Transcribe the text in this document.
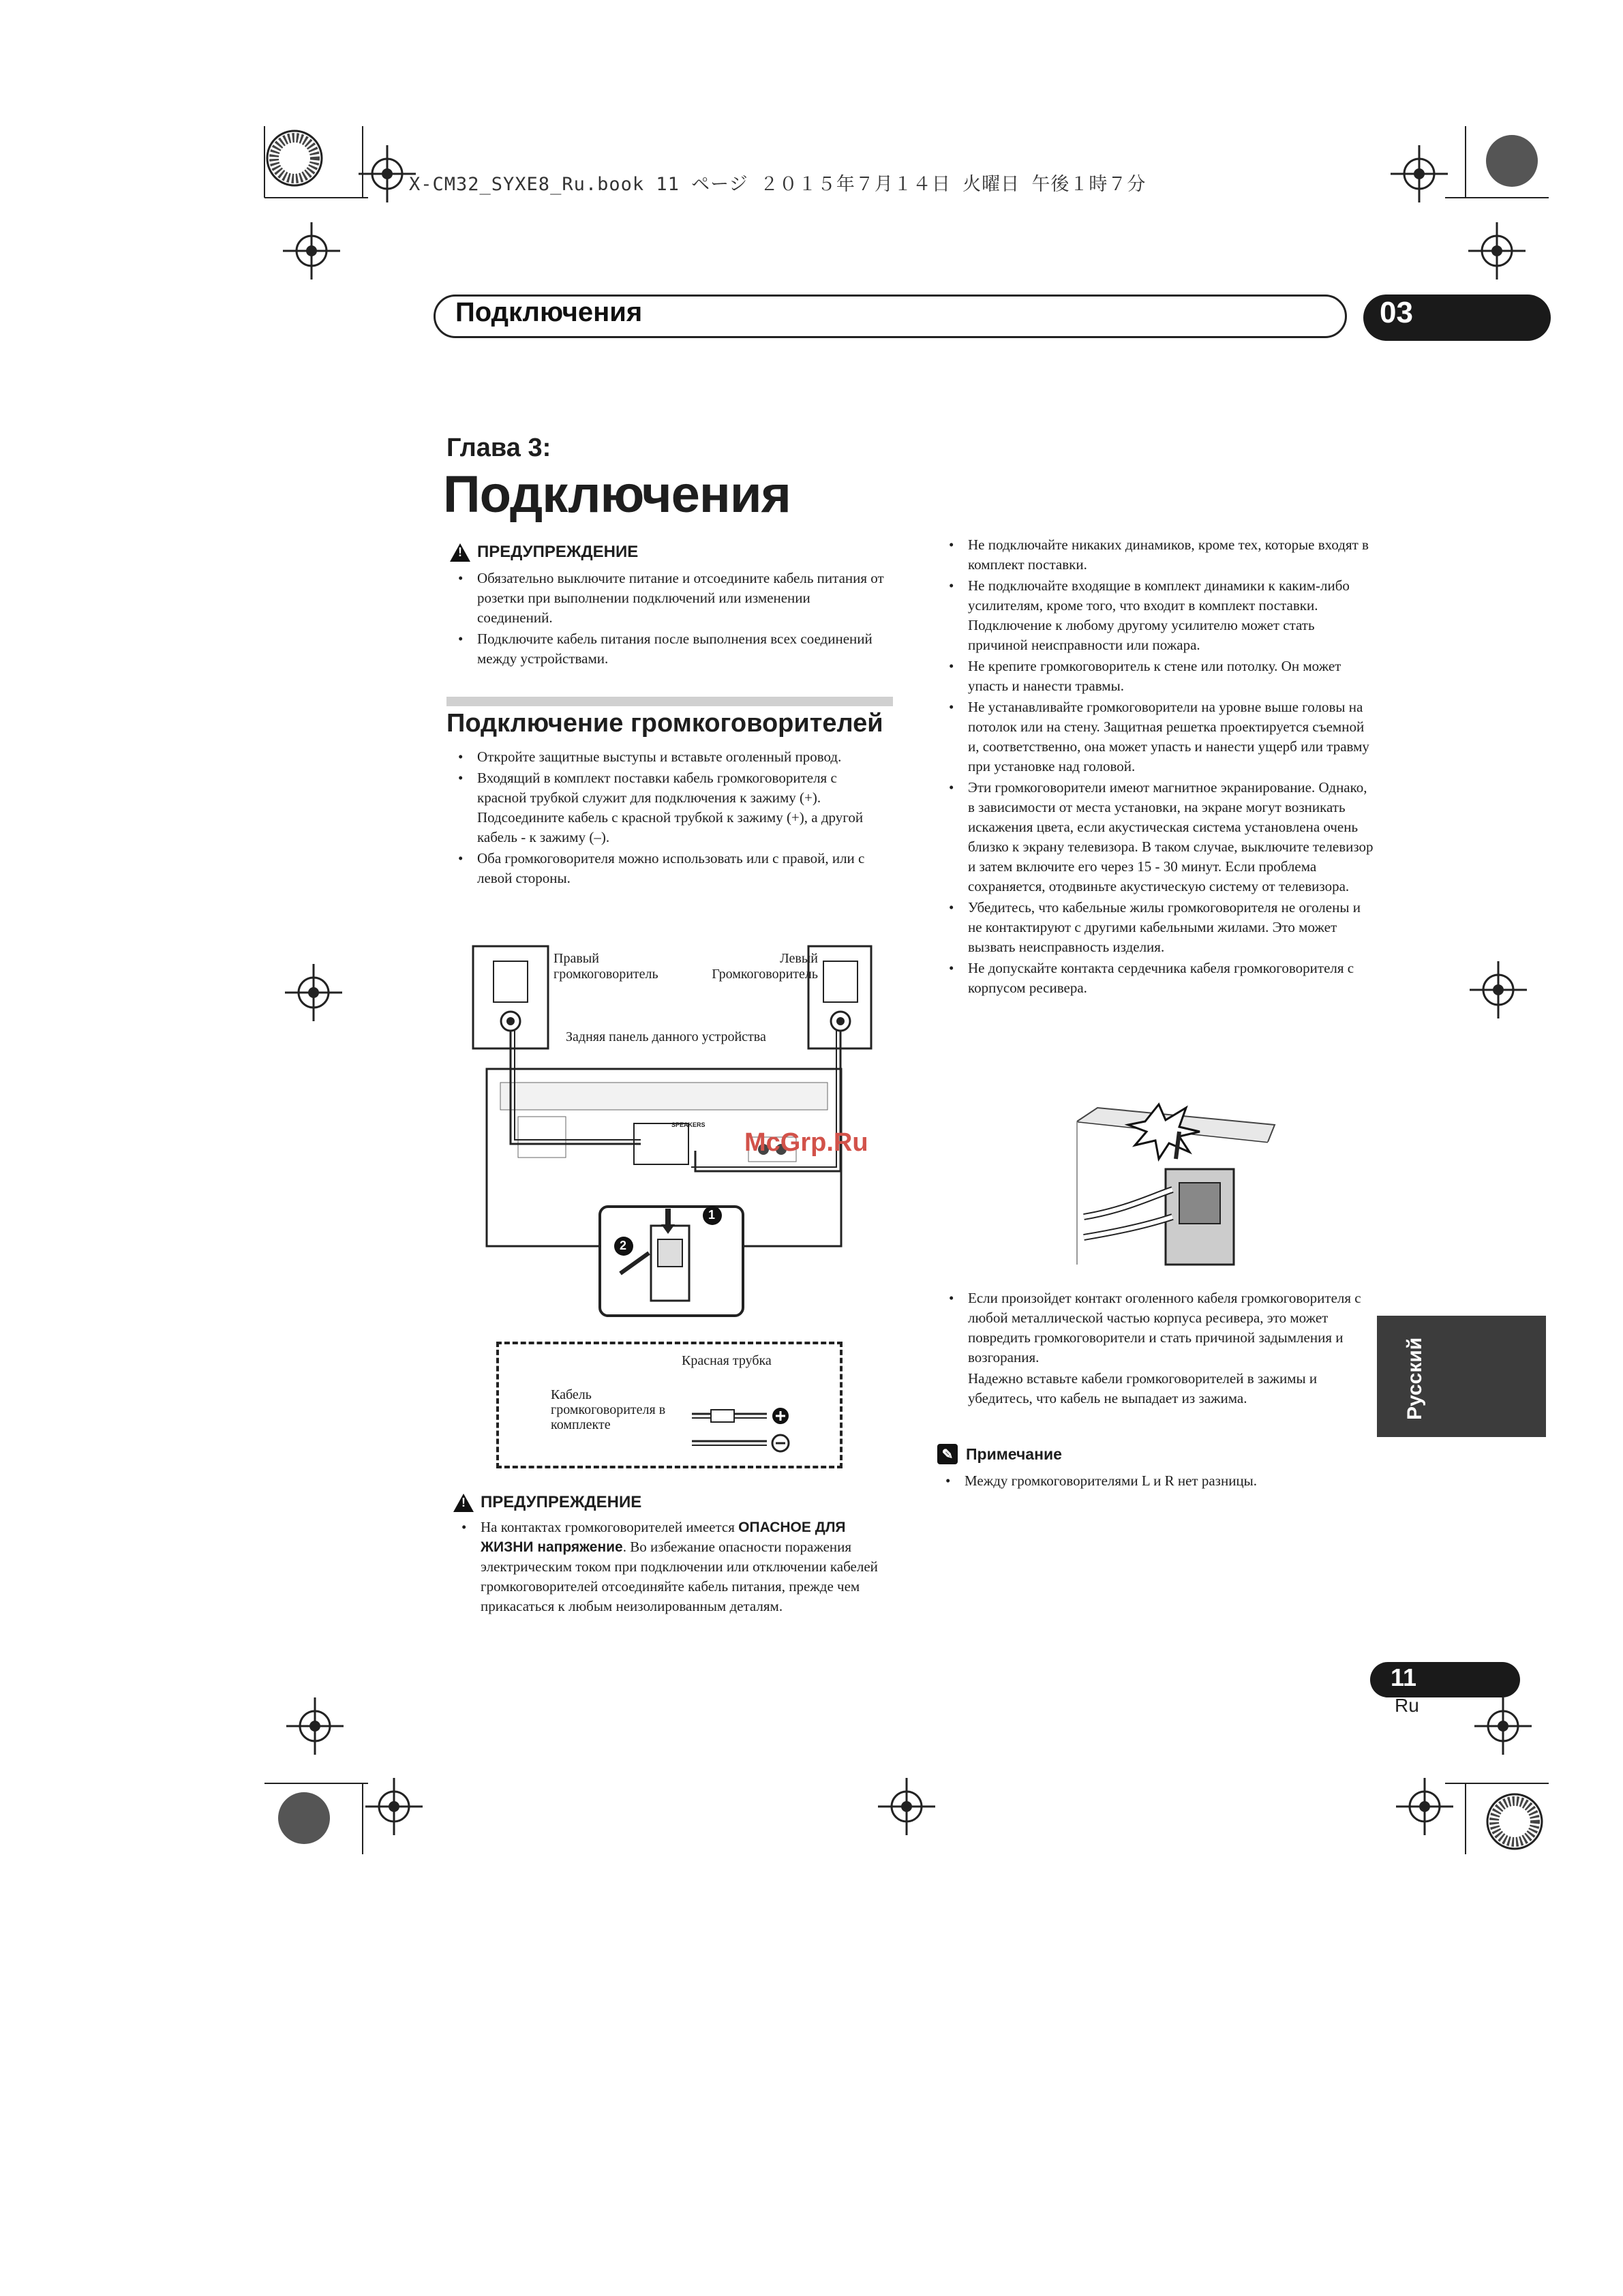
X-CM32_SYXE8_Ru.book 11 ページ ２０１５年７月１４日 火曜日 午後１時７分
Подключения	03
Глава 3:
Подключения
!
ПРЕДУПРЕЖДЕНИЕ
• Обязательно выключите питание и отсоедините кабель питания от розетки при выполнении подключений или изменении соединений.
• Подключите кабель питания после выполнения всех соединений между устройствами.
Подключение громкоговорителей
• Откройте защитные выступы и вставьте оголенный провод.
• Входящий в комплект поставки кабель громкоговорителя с красной трубкой служит для подключения к зажиму (+). Подсоедините кабель с красной трубкой к зажиму (+), а другой кабель - к зажиму (–).
• Оба громкоговорителя можно использовать или с правой, или с левой стороны.
Правый громкоговоритель
Левый Громкоговоритель
Задняя панель данного устройства
SPEAKERS
1
2
Красная трубка
Кабель громкоговорителя в комплекте
!
ПРЕДУПРЕЖДЕНИЕ
• На контактах громкоговорителей имеется ОПАСНОЕ ДЛЯ ЖИЗНИ напряжение. Во избежание опасности поражения электрическим током при подключении или отключении кабелей громкоговорителей отсоединяйте кабель питания, прежде чем прикасаться к любым неизолированным деталям.
• Не подключайте никаких динамиков, кроме тех, которые входят в комплект поставки.
• Не подключайте входящие в комплект динамики к каким-либо усилителям, кроме того, что входит в комплект поставки. Подключение к любому другому усилителю может стать причиной неисправности или пожара.
• Не крепите громкоговоритель к стене или потолку. Он может упасть и нанести травмы.
• Не устанавливайте громкоговорители на уровне выше головы на потолок или на стену. Защитная решетка проектируется съемной и, соответственно, она может упасть и нанести ущерб или травму при установке над головой.
• Эти громкоговорители имеют магнитное экранирование. Однако, в зависимости от места установки, на экране могут возникать искажения цвета, если акустическая система установлена очень близко к экрану телевизора. В таком случае, выключите телевизор и затем включите его через 15 - 30 минут. Если проблема сохраняется, отодвиньте акустическую систему от телевизора.
• Убедитесь, что кабельные жилы громкоговорителя не оголены и не контактируют с другими кабельными жилами. Это может вызвать неисправность изделия.
• Не допускайте контакта сердечника кабеля громкоговорителя с корпусом ресивера.
• Если произойдет контакт оголенного кабеля громкоговорителя с любой металлической частью корпуса ресивера, это может повредить громкоговорители и стать причиной задымления и возгорания.
Надежно вставьте кабели громкоговорителей в зажимы и убедитесь, что кабель не выпадает из зажима.
✎ Примечание
• Между громкоговорителями L и R нет разницы.
Русский
McGrp.Ru
11
Ru
